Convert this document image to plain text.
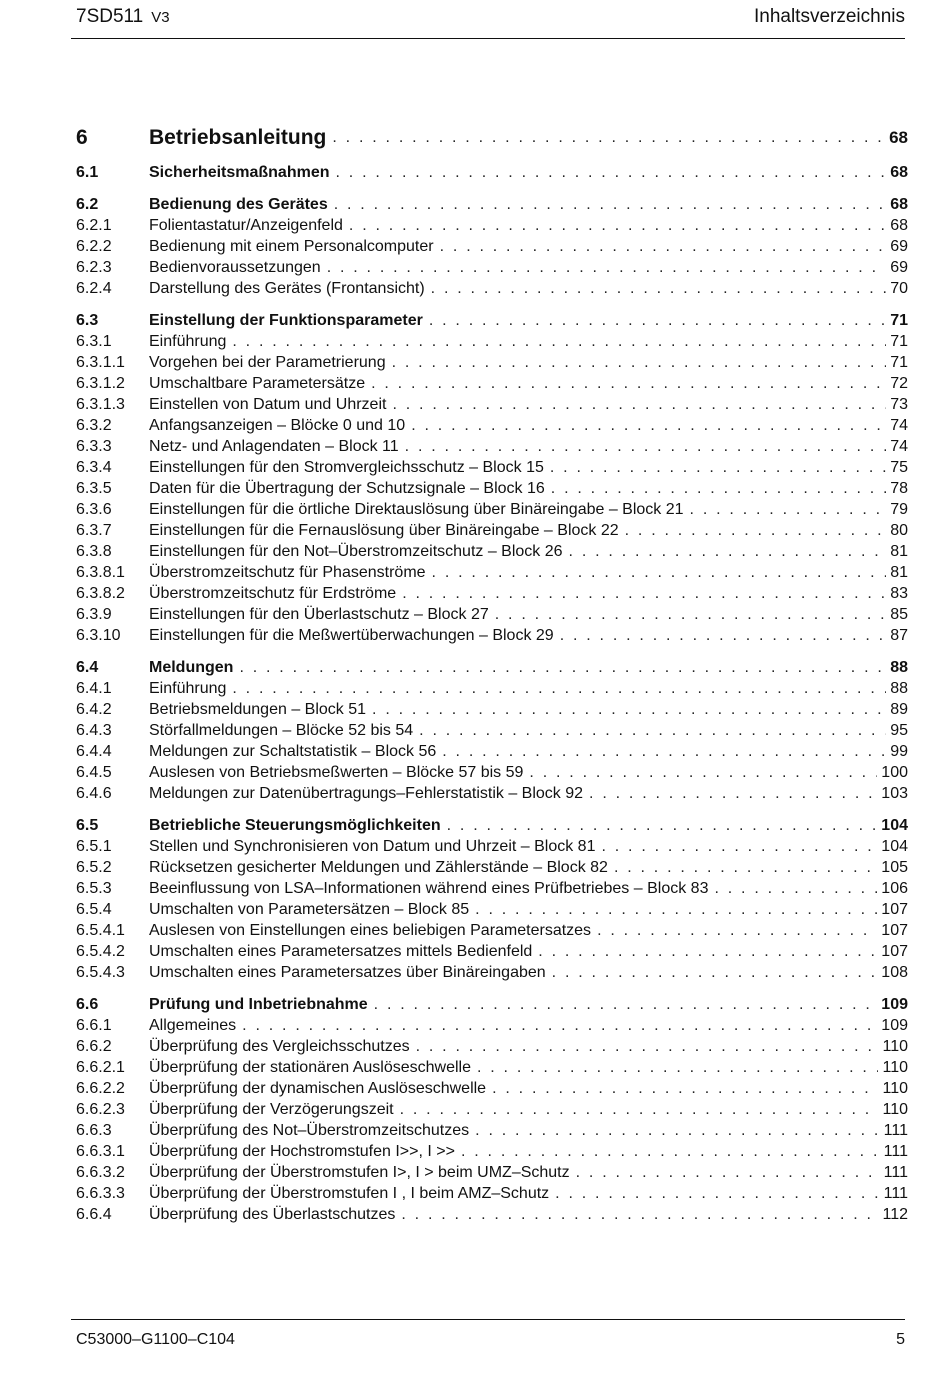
7SD511 V3	Inhaltsverzeichnis
6	Betriebsanleitung . . .	68
6.1	Sicherheitsmaßnahmen . . .	68
6.2	Bedienung des Gerätes . . .	68
6.2.1	Folientastatur/Anzeigenfeld . . .	68
6.2.2	Bedienung mit einem Personalcomputer . . .	69
6.2.3	Bedienvoraussetzungen . . .	69
6.2.4	Darstellung des Gerätes (Frontansicht) . . .	70
6.3	Einstellung der Funktionsparameter . . .	71
6.3.1	Einführung . . .	71
6.3.1.1	Vorgehen bei der Parametrierung . . .	71
6.3.1.2	Umschaltbare Parametersätze . . .	72
6.3.1.3	Einstellen von Datum und Uhrzeit . . .	73
6.3.2	Anfangsanzeigen – Blöcke 0 und 10 . . .	74
6.3.3	Netz- und Anlagendaten – Block 11 . . .	74
6.3.4	Einstellungen für den Stromvergleichsschutz – Block 15 . . .	75
6.3.5	Daten für die Übertragung der Schutzsignale – Block 16 . . .	78
6.3.6	Einstellungen für die örtliche Direktauslösung über Binäreingabe – Block 21 . . .	79
6.3.7	Einstellungen für die Fernauslösung über Binäreingabe – Block 22 . . .	80
6.3.8	Einstellungen für den Not–Überstromzeitschutz – Block 26 . . .	81
6.3.8.1	Überstromzeitschutz für Phasenströme . . .	81
6.3.8.2	Überstromzeitschutz für Erdströme . . .	83
6.3.9	Einstellungen für den Überlastschutz – Block 27 . . .	85
6.3.10	Einstellungen für die Meßwertüberwachungen – Block 29 . . .	87
6.4	Meldungen . . .	88
6.4.1	Einführung . . .	88
6.4.2	Betriebsmeldungen – Block 51 . . .	89
6.4.3	Störfallmeldungen – Blöcke 52 bis 54 . . .	95
6.4.4	Meldungen zur Schaltstatistik – Block 56 . . .	99
6.4.5	Auslesen von Betriebsmeßwerten – Blöcke 57 bis 59 . . .	100
6.4.6	Meldungen zur Datenübertragungs–Fehlerstatistik – Block 92 . . .	103
6.5	Betriebliche Steuerungsmöglichkeiten . . .	104
6.5.1	Stellen und Synchronisieren von Datum und Uhrzeit – Block 81 . . .	104
6.5.2	Rücksetzen gesicherter Meldungen und Zählerstände – Block 82 . . .	105
6.5.3	Beeinflussung von LSA–Informationen während eines Prüfbetriebes – Block 83 . . .	106
6.5.4	Umschalten von Parametersätzen – Block 85 . . .	107
6.5.4.1	Auslesen von Einstellungen eines beliebigen Parametersatzes . . .	107
6.5.4.2	Umschalten eines Parametersatzes mittels Bedienfeld . . .	107
6.5.4.3	Umschalten eines Parametersatzes über Binäreingaben . . .	108
6.6	Prüfung und Inbetriebnahme . . .	109
6.6.1	Allgemeines . . .	109
6.6.2	Überprüfung des Vergleichsschutzes . . .	110
6.6.2.1	Überprüfung der stationären Auslöseschwelle . . .	110
6.6.2.2	Überprüfung der dynamischen Auslöseschwelle . . .	110
6.6.2.3	Überprüfung der Verzögerungszeit . . .	110
6.6.3	Überprüfung des Not–Überstromzeitschutzes . . .	111
6.6.3.1	Überprüfung der Hochstromstufen I>>, I >> . . .	111
6.6.3.2	Überprüfung der Überstromstufen I>, I > beim UMZ–Schutz . . .	111
6.6.3.3	Überprüfung der Überstromstufen I , I beim AMZ–Schutz . . .	111
6.6.4	Überprüfung des Überlastschutzes . . .	112
C53000–G1100–C104	5
